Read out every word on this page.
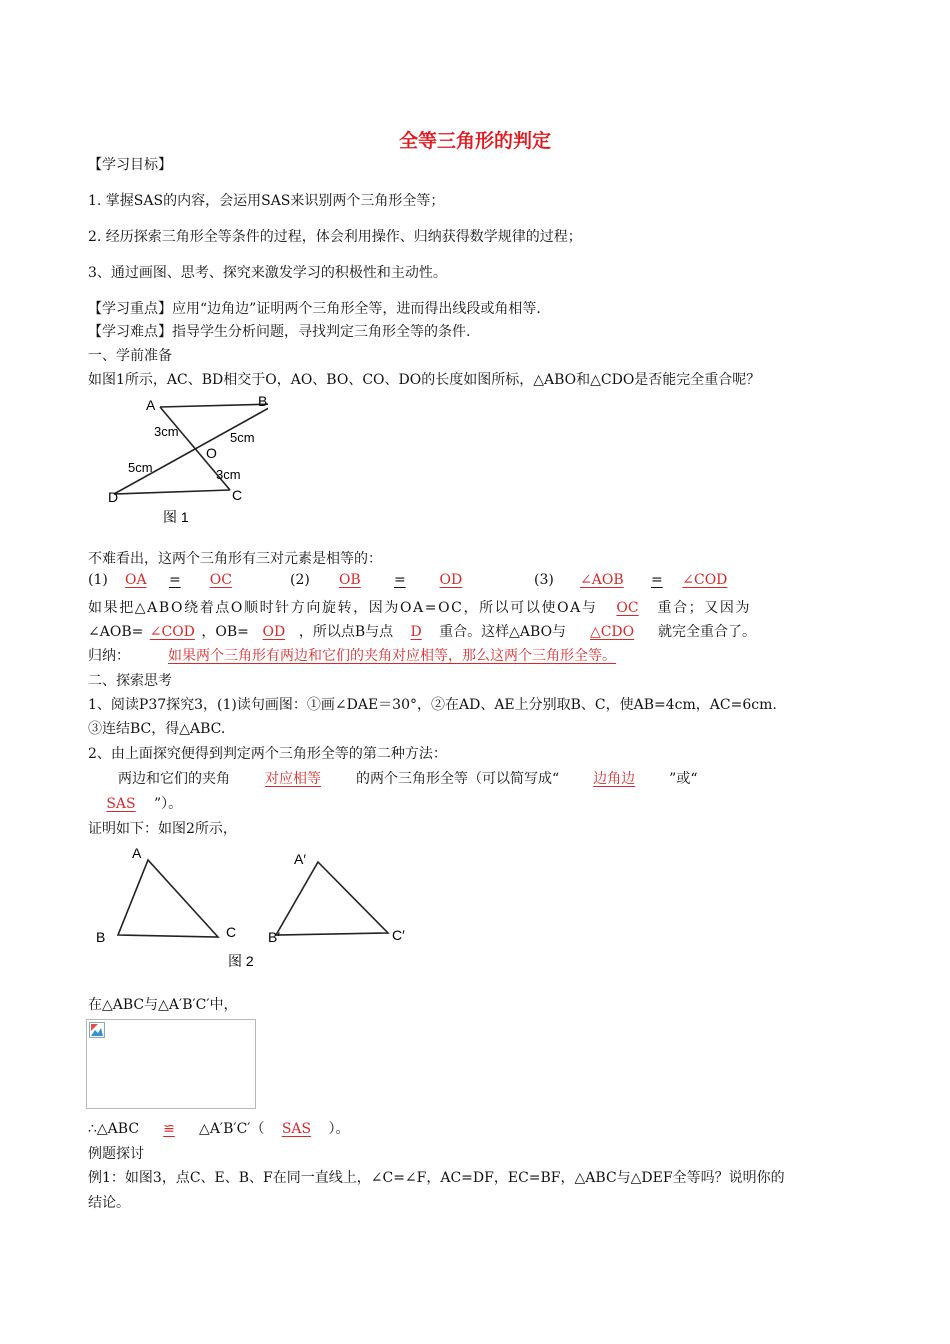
全等三角形的判定
【学习目标】
1. 掌握SAS的内容，会运用SAS来识别两个三角形全等；
2. 经历探索三角形全等条件的过程，体会利用操作、归纳获得数学规律的过程；
3、通过画图、思考、探究来激发学习的积极性和主动性。
【学习重点】应用“边角边”证明两个三角形全等，进而得出线段或角相等.
【学习难点】指导学生分析问题，寻找判定三角形全等的条件.
一、学前准备
如图1所示，AC、BD相交于O，AO、BO、CO、DO的长度如图所标，△ABO和△CDO是否能完全重合呢？
A	B
C
D
O
3cm	5cm
5cm	3cm
图 1
不难看出，这两个三角形有三对元素是相等的：
(1) OA = OC	(2) OB = OD	(3) ∠AOB = ∠COD
如果把△ABO绕着点O顺时针方向旋转，因为OA=OC，所以可以使OA与 OC 重合；又因为
∠AOB= ∠COD ，OB= OD ，所以点B与点 D 重合。这样△ABO与 △CDO 就完全重合了。
归纳：	如果两个三角形有两边和它们的夹角对应相等，那么这两个三角形全等。
二、探索思考
1、阅读P37探究3，(1)读句画图：①画∠DAE＝30°，②在AD、AE上分别取B、C，使AB=4cm，AC=6cm.
③连结BC，得△ABC.
2、由上面探究便得到判定两个三角形全等的第二种方法：
两边和它们的夹角	对应相等	的两个三角形全等（可以简写成“ 边角边 ”或“
SAS ”）。
证明如下：如图2所示，
A
B	C
A′
B′	C′
图 2
在△ABC与△A′B′C′中，
∴△ABC ≌ △A′B′C′（ SAS ）。
例题探讨
例1：如图3，点C、E、B、F在同一直线上，∠C=∠F，AC=DF，EC=BF，△ABC与△DEF全等吗？说明你的
结论。
